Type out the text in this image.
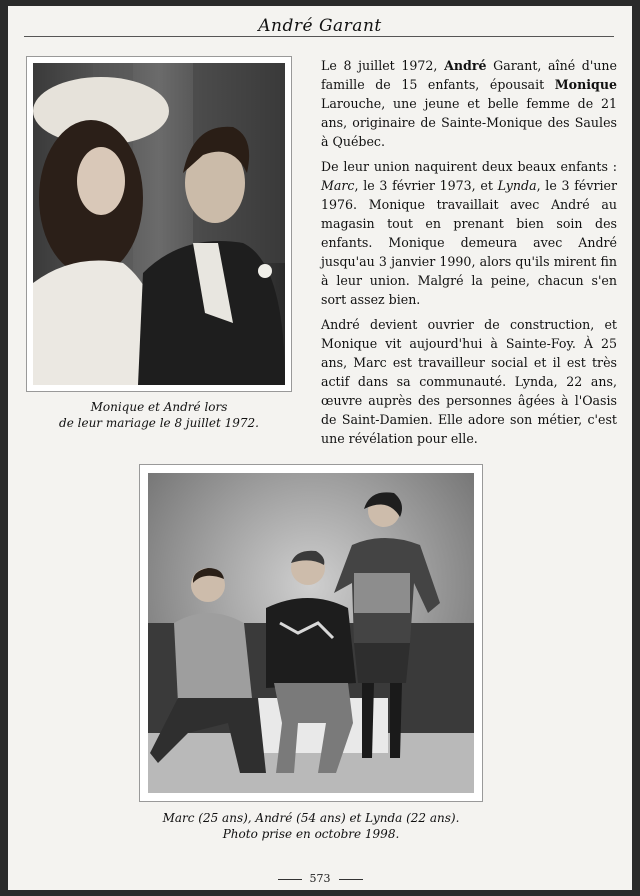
André Garant
Monique et André lors
de leur mariage le 8 juillet 1972.

Le 8 juillet 1972, André Garant, aîné d'une famille de 15 enfants, épousait Monique Larouche, une jeune et belle femme de 21 ans, originaire de Sainte-Monique des Saules à Québec.

De leur union naquirent deux beaux enfants : Marc, le 3 février 1973, et Lynda, le 3 février 1976. Monique travaillait avec André au magasin tout en prenant bien soin des enfants. Monique demeura avec André jusqu'au 3 janvier 1990, alors qu'ils mirent fin à leur union. Malgré la peine, chacun s'en sort assez bien.

André devient ouvrier de construction, et Monique vit aujourd'hui à Sainte-Foy. À 25 ans, Marc est travailleur social et il est très actif dans sa communauté. Lynda, 22 ans, œuvre auprès des personnes âgées à l'Oasis de Saint-Damien. Elle adore son métier, c'est une révélation pour elle.

Marc (25 ans), André (54 ans) et Lynda (22 ans).
Photo prise en octobre 1998.
573
